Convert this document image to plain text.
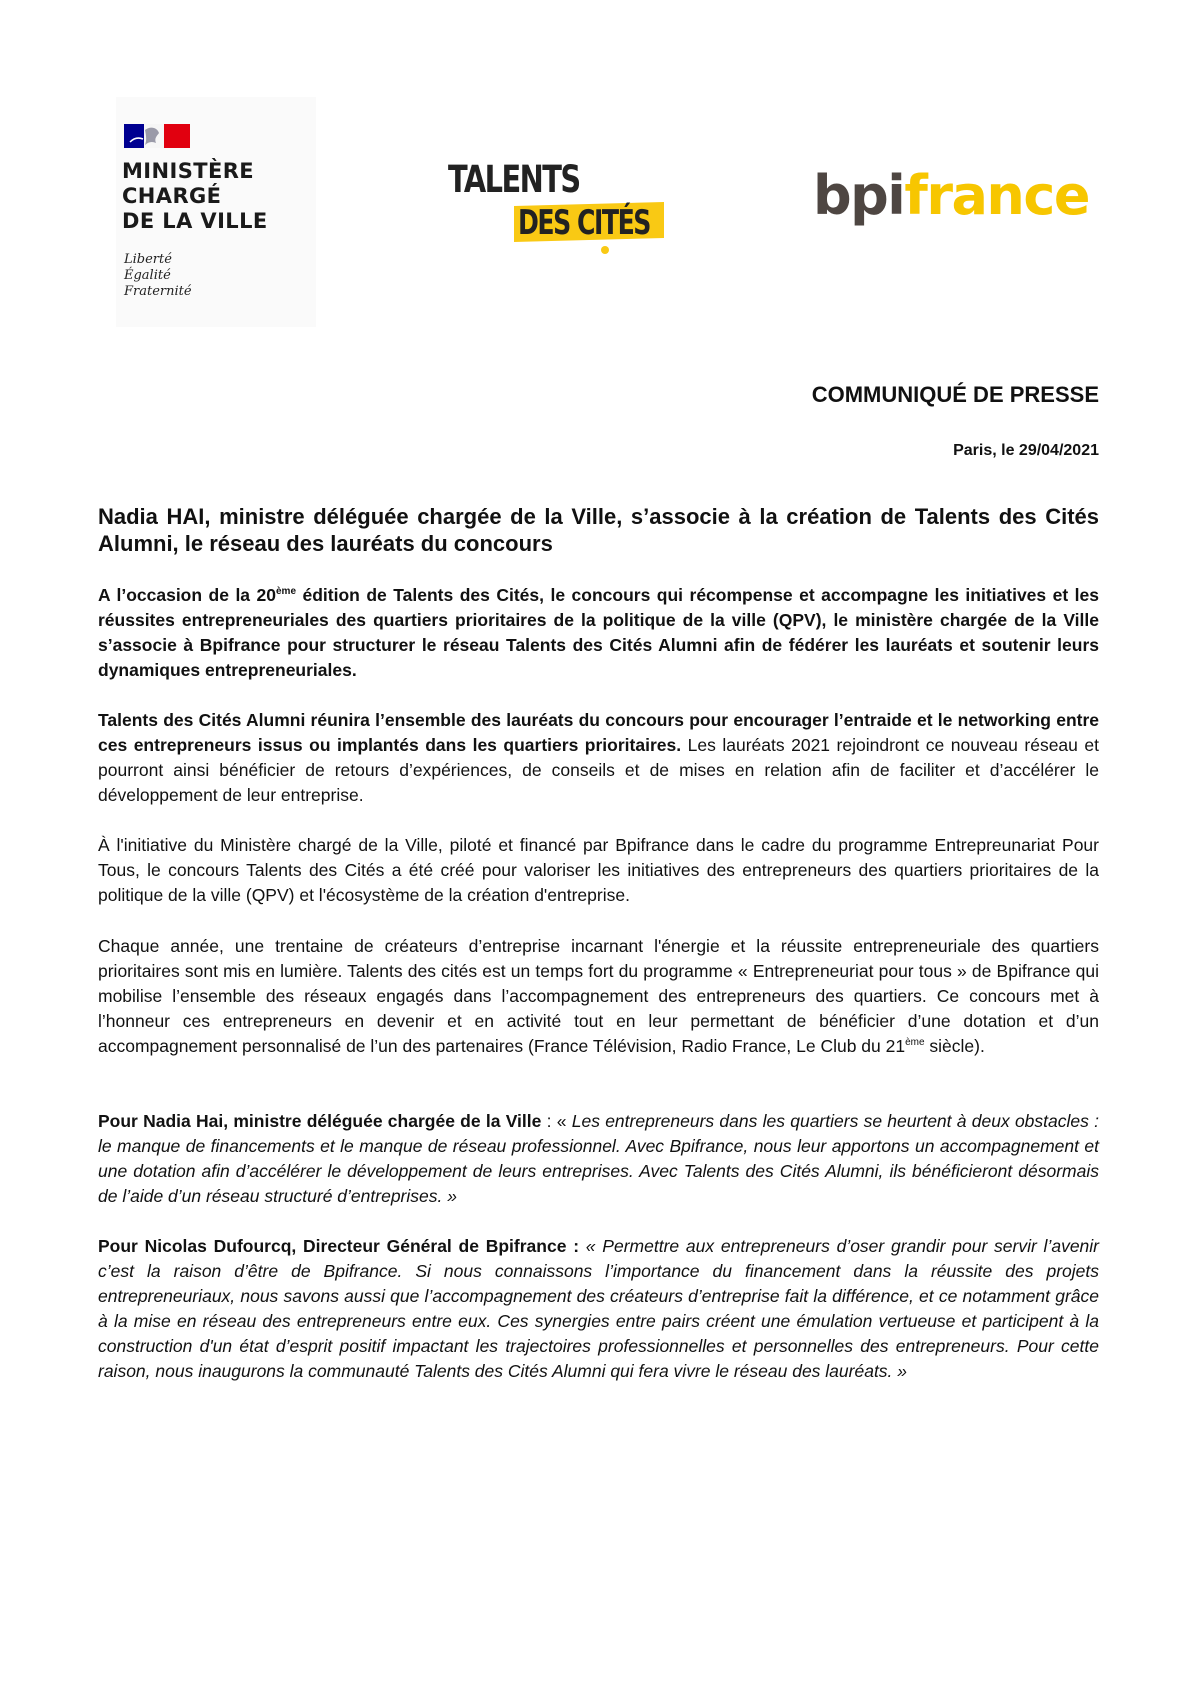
MINISTÈRE
CHARGÉ
DE LA VILLE
Liberté
Égalité
Fraternité
TALENTS
DES CITÉS	bpifrance
COMMUNIQUÉ DE PRESSE
Paris, le 29/04/2021
Nadia HAI, ministre déléguée chargée de la Ville, s’associe à la création de Talents des Cités Alumni, le réseau des lauréats du concours
A l’occasion de la 20ème édition de Talents des Cités, le concours qui récompense et accompagne les initiatives et les réussites entrepreneuriales des quartiers prioritaires de la politique de la ville (QPV), le ministère chargée de la Ville s’associe à Bpifrance pour structurer le réseau Talents des Cités Alumni afin de fédérer les lauréats et soutenir leurs dynamiques entrepreneuriales.
Talents des Cités Alumni réunira l’ensemble des lauréats du concours pour encourager l’entraide et le networking entre ces entrepreneurs issus ou implantés dans les quartiers prioritaires. Les lauréats 2021 rejoindront ce nouveau réseau et pourront ainsi bénéficier de retours d’expériences, de conseils et de mises en relation afin de faciliter et d’accélérer le développement de leur entreprise.
À l'initiative du Ministère chargé de la Ville, piloté et financé par Bpifrance dans le cadre du programme Entrepreunariat Pour Tous, le concours Talents des Cités a été créé pour valoriser les initiatives des entrepreneurs des quartiers prioritaires de la politique de la ville (QPV) et l'écosystème de la création d'entreprise.
Chaque année, une trentaine de créateurs d’entreprise incarnant l'énergie et la réussite entrepreneuriale des quartiers prioritaires sont mis en lumière. Talents des cités est un temps fort du programme « Entrepreneuriat pour tous » de Bpifrance qui mobilise l’ensemble des réseaux engagés dans l’accompagnement des entrepreneurs des quartiers. Ce concours met à l’honneur ces entrepreneurs en devenir et en activité tout en leur permettant de bénéficier d’une dotation et d’un accompagnement personnalisé de l’un des partenaires (France Télévision, Radio France, Le Club du 21ème siècle).
Pour Nadia Hai, ministre déléguée chargée de la Ville : « Les entrepreneurs dans les quartiers se heurtent à deux obstacles : le manque de financements et le manque de réseau professionnel. Avec Bpifrance, nous leur apportons un accompagnement et une dotation afin d’accélérer le développement de leurs entreprises. Avec Talents des Cités Alumni, ils bénéficieront désormais de l’aide d’un réseau structuré d’entreprises. »
Pour Nicolas Dufourcq, Directeur Général de Bpifrance : « Permettre aux entrepreneurs d’oser grandir pour servir l’avenir c’est la raison d’être de Bpifrance. Si nous connaissons l’importance du financement dans la réussite des projets entrepreneuriaux, nous savons aussi que l’accompagnement des créateurs d’entreprise fait la différence, et ce notamment grâce à la mise en réseau des entrepreneurs entre eux. Ces synergies entre pairs créent une émulation vertueuse et participent à la construction d'un état d’esprit positif impactant les trajectoires professionnelles et personnelles des entrepreneurs. Pour cette raison, nous inaugurons la communauté Talents des Cités Alumni qui fera vivre le réseau des lauréats. »
